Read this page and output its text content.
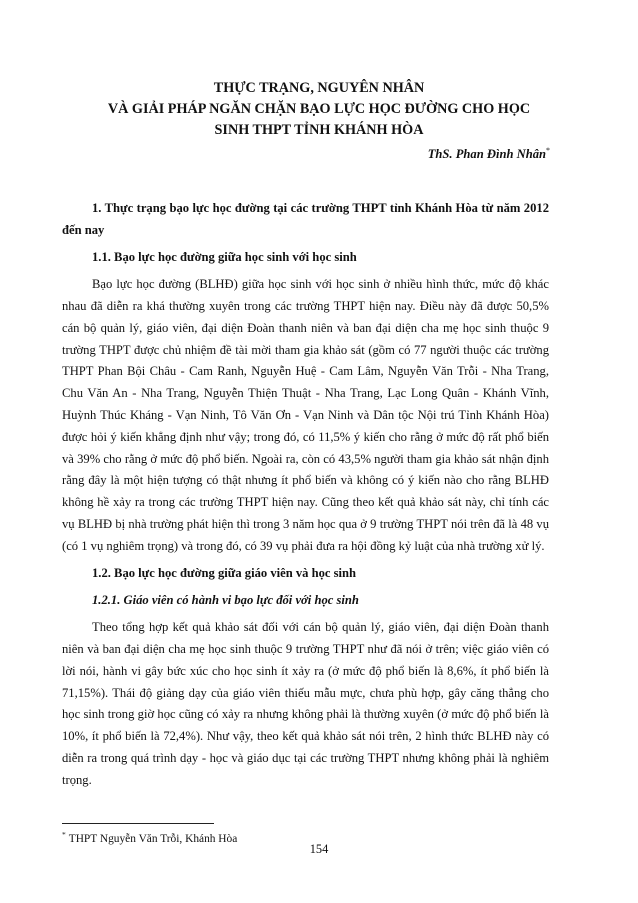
THỰC TRẠNG, NGUYÊN NHÂN
VÀ GIẢI PHÁP NGĂN CHẶN BẠO LỰC HỌC ĐƯỜNG CHO HỌC
SINH THPT TỈNH KHÁNH HÒA
ThS. Phan Đình Nhân*

1. Thực trạng bạo lực học đường tại các trường THPT tỉnh Khánh Hòa từ năm 2012 đến nay

1.1. Bạo lực học đường giữa học sinh với học sinh

Bạo lực học đường (BLHĐ) giữa học sinh với học sinh ở nhiều hình thức, mức độ khác nhau đã diễn ra khá thường xuyên trong các trường THPT hiện nay. Điều này đã được 50,5% cán bộ quản lý, giáo viên, đại diện Đoàn thanh niên và ban đại diện cha mẹ học sinh thuộc 9 trường THPT được chủ nhiệm đề tài mời tham gia khảo sát (gồm có 77 người thuộc các trường THPT Phan Bội Châu - Cam Ranh, Nguyễn Huệ - Cam Lâm, Nguyễn Văn Trỗi - Nha Trang, Chu Văn An - Nha Trang, Nguyễn Thiện Thuật - Nha Trang, Lạc Long Quân - Khánh Vĩnh, Huỳnh Thúc Kháng - Vạn Ninh, Tô Văn Ơn - Vạn Ninh và Dân tộc Nội trú Tỉnh Khánh Hòa) được hỏi ý kiến khẳng định như vậy; trong đó, có 11,5% ý kiến cho rằng ở mức độ rất phổ biến và 39% cho rằng ở mức độ phổ biến. Ngoài ra, còn có 43,5% người tham gia khảo sát nhận định rằng đây là một hiện tượng có thật nhưng ít phổ biến và không có ý kiến nào cho rằng BLHĐ không hề xảy ra trong các trường THPT hiện nay. Cũng theo kết quả khảo sát này, chỉ tính các vụ BLHĐ bị nhà trường phát hiện thì trong 3 năm học qua ở 9 trường THPT nói trên đã là 48 vụ (có 1 vụ nghiêm trọng) và trong đó, có 39 vụ phải đưa ra hội đồng kỷ luật của nhà trường xử lý.

1.2. Bạo lực học đường giữa giáo viên và học sinh

1.2.1. Giáo viên có hành vi bạo lực đối với học sinh

Theo tổng hợp kết quả khảo sát đối với cán bộ quản lý, giáo viên, đại diện Đoàn thanh niên và ban đại diện cha mẹ học sinh thuộc 9 trường THPT như đã nói ở trên; việc giáo viên có lời nói, hành vi gây bức xúc cho học sinh ít xảy ra (ở mức độ phổ biến là 8,6%, ít phổ biến là 71,15%). Thái độ giảng dạy của giáo viên thiếu mẫu mực, chưa phù hợp, gây căng thẳng cho học sinh trong giờ học cũng có xảy ra nhưng không phải là thường xuyên (ở mức độ phổ biến là 10%, ít phổ biến là 72,4%). Như vậy, theo kết quả khảo sát nói trên, 2 hình thức BLHĐ này có diễn ra trong quá trình dạy - học và giáo dục tại các trường THPT nhưng không phải là nghiêm trọng.

* THPT Nguyễn Văn Trỗi, Khánh Hòa
154
